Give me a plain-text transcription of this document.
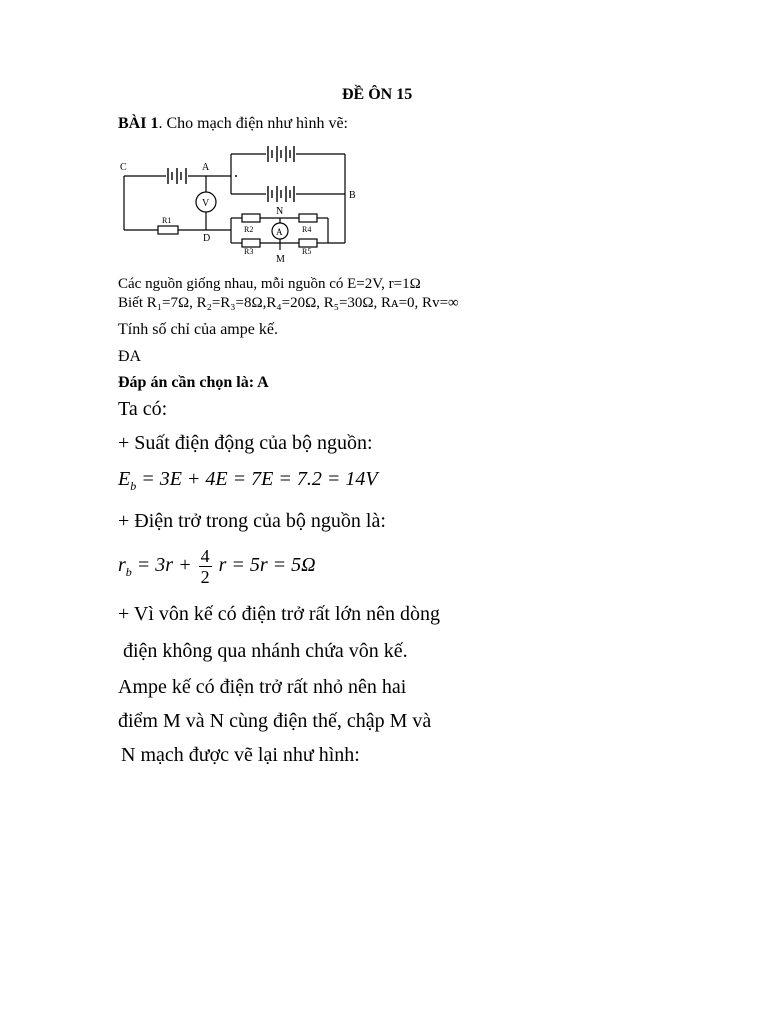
ĐỀ ÔN 15
BÀI 1. Cho mạch điện như hình vẽ:
C	A
B
D
N
M
V
A
R1
R2
R3
R4
R5
Các nguồn giống nhau, mỗi nguồn có E=2V, r=1Ω
Biết R₁=7Ω, R₂=R₃=8Ω,R₄=20Ω, R₅=30Ω, Rᴀ=0, Rᴠ=∞
Tính số chỉ của ampe kế.
ĐA
Đáp án cần chọn là: A
Ta có:
+ Suất điện động của bộ nguồn:
$E_b = 3E + 4E = 7E = 7.2 = 14V$
+ Điện trở trong của bộ nguồn là:
$r_b = 3r + \frac{4}{2}$ r = 5r = 5Ω
+ Vì vôn kế có điện trở rất lớn nên dòng
điện không qua nhánh chứa vôn kế.
Ampe kế có điện trở rất nhỏ nên hai
điểm M và N cùng điện thế, chập M và
N mạch được vẽ lại như hình:
